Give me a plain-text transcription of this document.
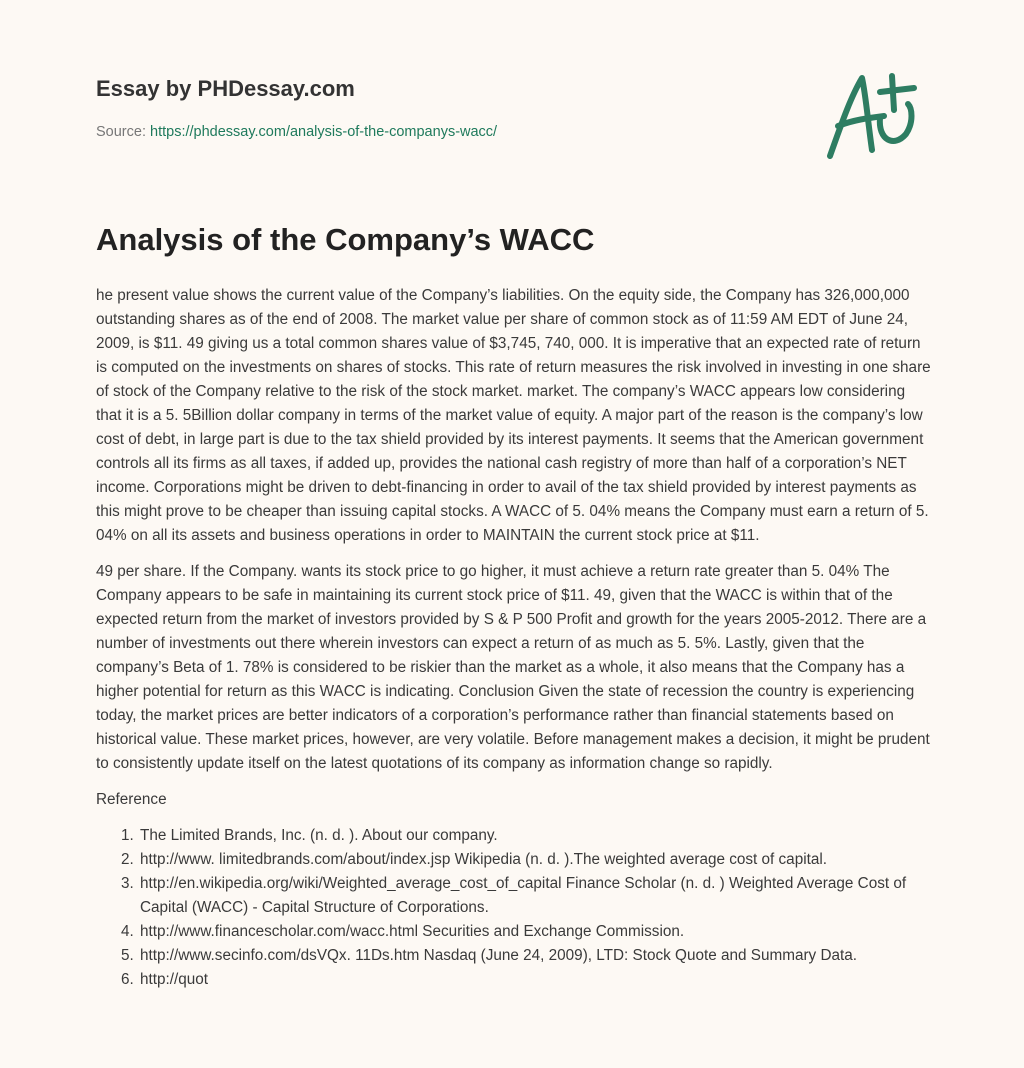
Essay by PHDessay.com
Source: https://phdessay.com/analysis-of-the-companys-wacc/
Analysis of the Company’s WACC

he present value shows the current value of the Company’s liabilities. On the equity side, the Company has 326,000,000 outstanding shares as of the end of 2008. The market value per share of common stock as of 11:59 AM EDT of June 24, 2009, is $11. 49 giving us a total common shares value of $3,745, 740, 000. It is imperative that an expected rate of return is computed on the investments on shares of stocks. This rate of return measures the risk involved in investing in one share of stock of the Company relative to the risk of the stock market. market. The company’s WACC appears low considering that it is a 5. 5Billion dollar company in terms of the market value of equity. A major part of the reason is the company’s low cost of debt, in large part is due to the tax shield provided by its interest payments. It seems that the American government controls all its firms as all taxes, if added up, provides the national cash registry of more than half of a corporation’s NET income. Corporations might be driven to debt-financing in order to avail of the tax shield provided by interest payments as this might prove to be cheaper than issuing capital stocks. A WACC of 5. 04% means the Company must earn a return of 5. 04% on all its assets and business operations in order to MAINTAIN the current stock price at $11.

49 per share. If the Company. wants its stock price to go higher, it must achieve a return rate greater than 5. 04% The Company appears to be safe in maintaining its current stock price of $11. 49, given that the WACC is within that of the expected return from the market of investors provided by S & P 500 Profit and growth for the years 2005-2012. There are a number of investments out there wherein investors can expect a return of as much as 5. 5%. Lastly, given that the company’s Beta of 1. 78% is considered to be riskier than the market as a whole, it also means that the Company has a higher potential for return as this WACC is indicating. Conclusion Given the state of recession the country is experiencing today, the market prices are better indicators of a corporation’s performance rather than financial statements based on historical value. These market prices, however, are very volatile. Before management makes a decision, it might be prudent to consistently update itself on the latest quotations of its company as information change so rapidly.

Reference

1. The Limited Brands, Inc. (n. d. ). About our company.
2. http://www. limitedbrands.com/about/index.jsp Wikipedia (n. d. ).The weighted average cost of capital.
3. http://en.wikipedia.org/wiki/Weighted_average_cost_of_capital Finance Scholar (n. d. ) Weighted Average Cost of Capital (WACC) - Capital Structure of Corporations.
4. http://www.financescholar.com/wacc.html Securities and Exchange Commission.
5. http://www.secinfo.com/dsVQx. 11Ds.htm Nasdaq (June 24, 2009), LTD: Stock Quote and Summary Data.
6. http://quot
